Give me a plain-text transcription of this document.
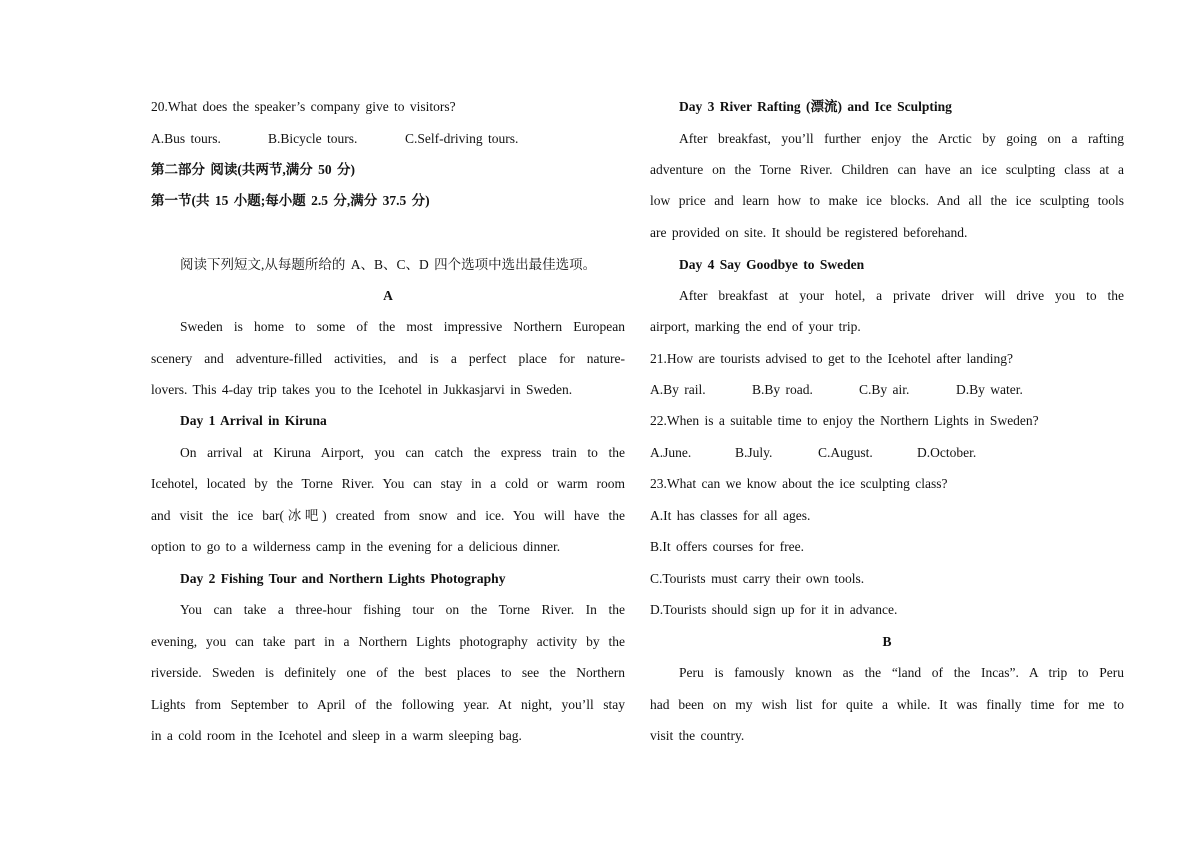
20.What does the speaker’s company give to visitors?
A.Bus tours.	B.Bicycle tours.	C.Self-driving tours.
第二部分 阅读(共两节,满分 50 分)
第一节(共 15 小题;每小题 2.5 分,满分 37.5 分)
阅读下列短文,从每题所给的 A、B、C、D 四个选项中选出最佳选项。
A
Sweden is home to some of the most impressive Northern European
scenery and adventure-filled activities, and is a perfect place for nature-
lovers. This 4-day trip takes you to the Icehotel in Jukkasjarvi in Sweden.
Day 1 Arrival in Kiruna
On arrival at Kiruna Airport, you can catch the express train to the
Icehotel, located by the Torne River. You can stay in a cold or warm room
and visit the ice bar(冰吧) created from snow and ice. You will have the
option to go to a wilderness camp in the evening for a delicious dinner.
Day 2 Fishing Tour and Northern Lights Photography
You can take a three-hour fishing tour on the Torne River. In the
evening, you can take part in a Northern Lights photography activity by the
riverside. Sweden is definitely one of the best places to see the Northern
Lights from September to April of the following year. At night, you’ll stay
in a cold room in the Icehotel and sleep in a warm sleeping bag.
Day 3 River Rafting (漂流) and Ice Sculpting
After breakfast, you’ll further enjoy the Arctic by going on a rafting
adventure on the Torne River. Children can have an ice sculpting class at a
low price and learn how to make ice blocks. And all the ice sculpting tools
are provided on site. It should be registered beforehand.
Day 4 Say Goodbye to Sweden
After breakfast at your hotel, a private driver will drive you to the
airport, marking the end of your trip.
21.How are tourists advised to get to the Icehotel after landing?
A.By rail.	B.By road.	C.By air.	D.By water.
22.When is a suitable time to enjoy the Northern Lights in Sweden?
A.June.	B.July.	C.August.	D.October.
23.What can we know about the ice sculpting class?
A.It has classes for all ages.
B.It offers courses for free.
C.Tourists must carry their own tools.
D.Tourists should sign up for it in advance.
B
Peru is famously known as the “land of the Incas”. A trip to Peru
had been on my wish list for quite a while. It was finally time for me to
visit the country.
